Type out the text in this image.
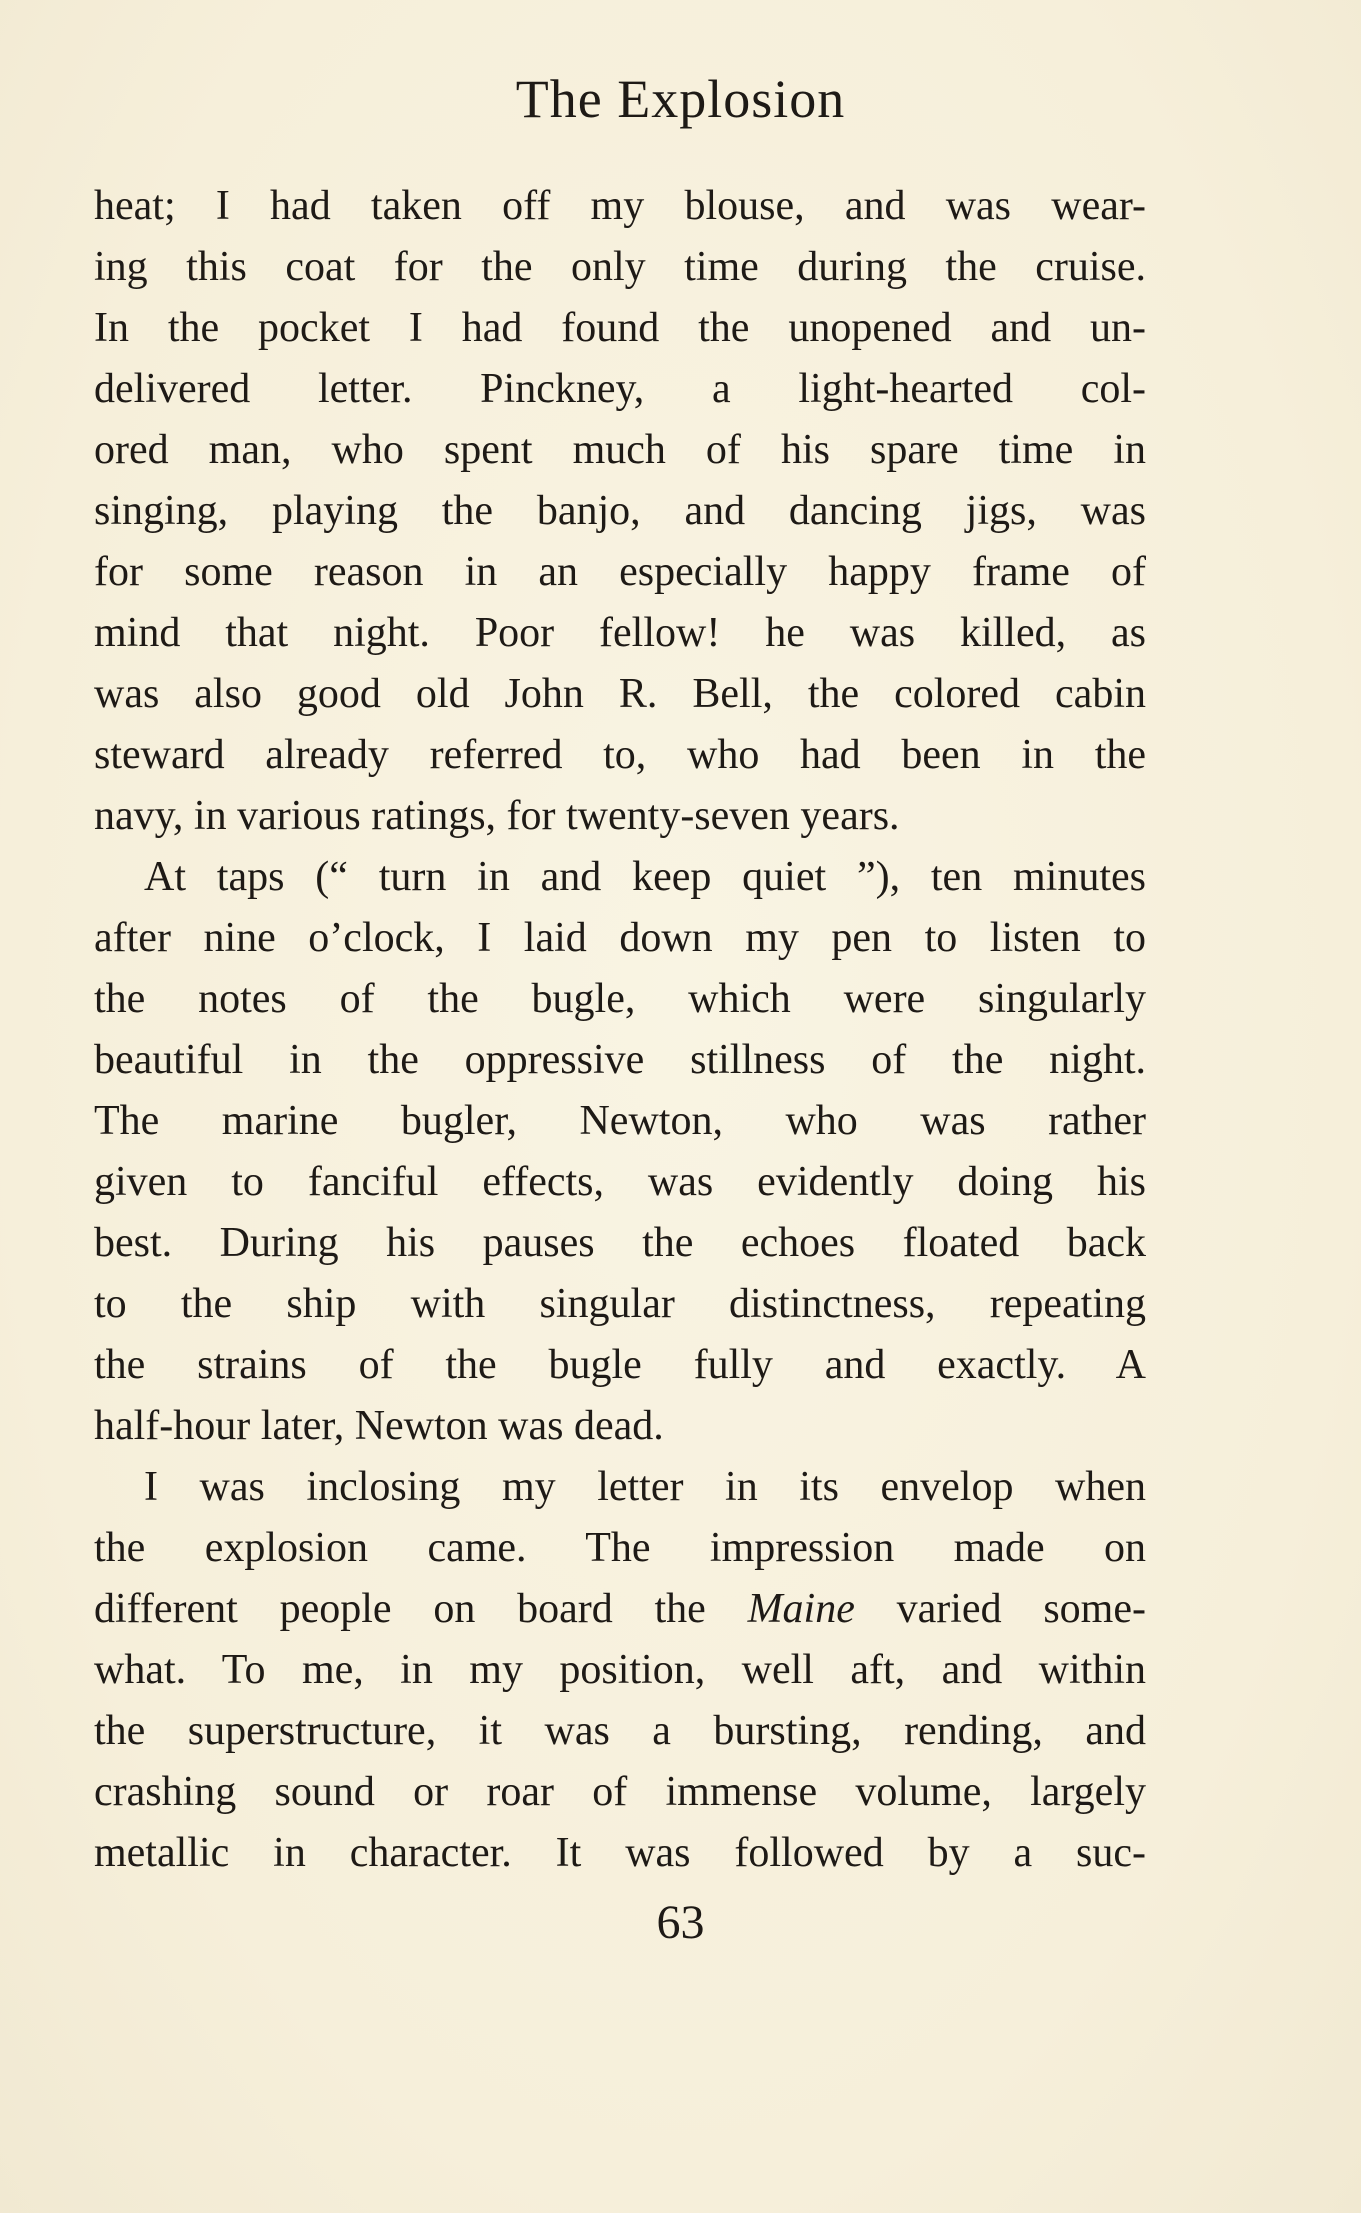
The Explosion
heat; I had taken off my blouse, and was wear-
ing this coat for the only time during the cruise.
In the pocket I had found the unopened and un-
delivered letter. Pinckney, a light-hearted col-
ored man, who spent much of his spare time in
singing, playing the banjo, and dancing jigs, was
for some reason in an especially happy frame of
mind that night. Poor fellow! he was killed, as
was also good old John R. Bell, the colored cabin
steward already referred to, who had been in the
navy, in various ratings, for twenty-seven years.
At taps (“ turn in and keep quiet ”), ten minutes
after nine o’clock, I laid down my pen to listen to
the notes of the bugle, which were singularly
beautiful in the oppressive stillness of the night.
The marine bugler, Newton, who was rather
given to fanciful effects, was evidently doing his
best. During his pauses the echoes floated back
to the ship with singular distinctness, repeating
the strains of the bugle fully and exactly. A
half-hour later, Newton was dead.
I was inclosing my letter in its envelop when
the explosion came. The impression made on
different people on board the Maine varied some-
what. To me, in my position, well aft, and within
the superstructure, it was a bursting, rending, and
crashing sound or roar of immense volume, largely
metallic in character. It was followed by a suc-
63
